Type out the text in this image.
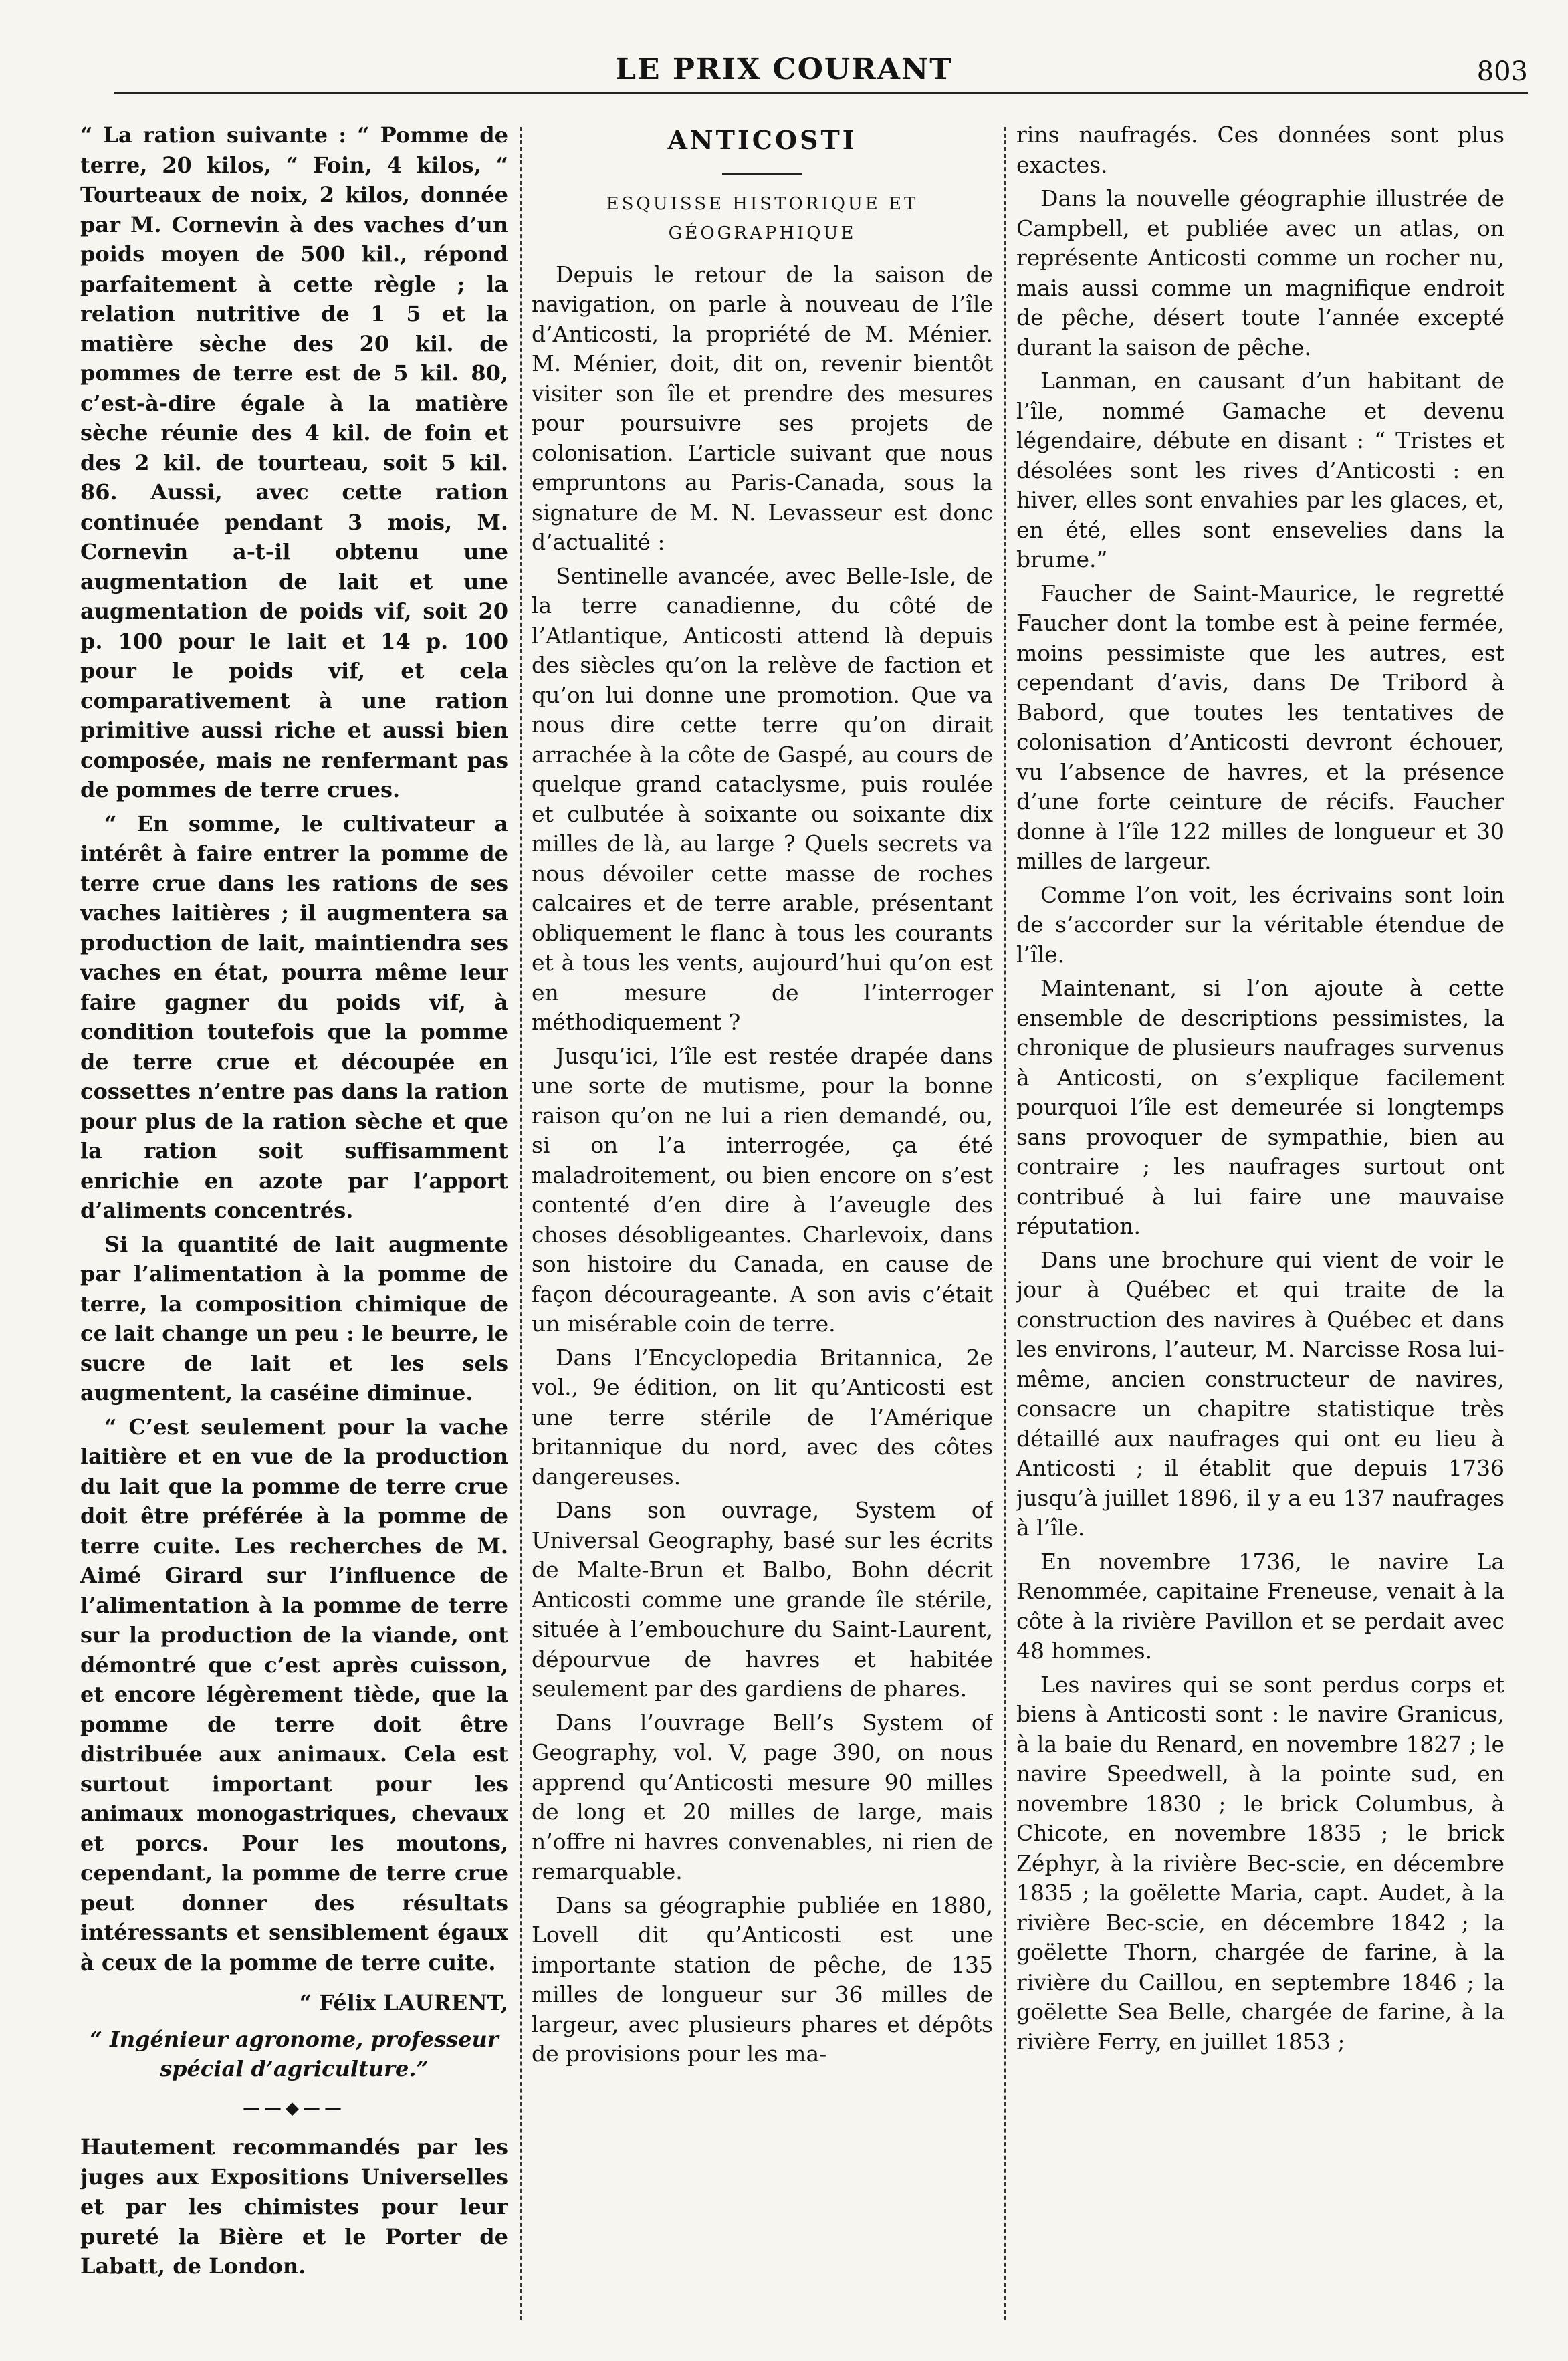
LE PRIX COURANT	803

“ La ration suivante : “ Pomme de terre, 20 kilos, “ Foin, 4 kilos, “ Tourteaux de noix, 2 kilos, donnée par M. Cornevin à des vaches d’un poids moyen de 500 kil., répond parfaitement à cette règle ; la relation nutritive de 1 5 et la matière sèche des 20 kil. de pommes de terre est de 5 kil. 80, c’est-à-dire égale à la matière sèche réunie des 4 kil. de foin et des 2 kil. de tourteau, soit 5 kil. 86. Aussi, avec cette ration continuée pendant 3 mois, M. Cornevin a-t-il obtenu une augmentation de lait et une augmentation de poids vif, soit 20 p. 100 pour le lait et 14 p. 100 pour le poids vif, et cela comparativement à une ration primitive aussi riche et aussi bien composée, mais ne renfermant pas de pommes de terre crues.

“ En somme, le cultivateur a intérêt à faire entrer la pomme de terre crue dans les rations de ses vaches laitières ; il augmentera sa production de lait, maintiendra ses vaches en état, pourra même leur faire gagner du poids vif, à condition toutefois que la pomme de terre crue et découpée en cossettes n’entre pas dans la ration pour plus de la ration sèche et que la ration soit suffisamment enrichie en azote par l’apport d’aliments concentrés.

Si la quantité de lait augmente par l’alimentation à la pomme de terre, la composition chimique de ce lait change un peu : le beurre, le sucre de lait et les sels augmentent, la caséine diminue.

“ C’est seulement pour la vache laitière et en vue de la production du lait que la pomme de terre crue doit être préférée à la pomme de terre cuite. Les recherches de M. Aimé Girard sur l’influence de l’alimentation à la pomme de terre sur la production de la viande, ont démontré que c’est après cuisson, et encore légèrement tiède, que la pomme de terre doit être distribuée aux animaux. Cela est surtout important pour les animaux monogastriques, chevaux et porcs. Pour les moutons, cependant, la pomme de terre crue peut donner des résultats intéressants et sensiblement égaux à ceux de la pomme de terre cuite.

“ Félix LAURENT,
“ Ingénieur agronome, professeur spécial d’agriculture.”
——◆——

Hautement recommandés par les juges aux Expositions Universelles et par les chimistes pour leur pureté la Bière et le Porter de Labatt, de London.

ANTICOSTI
ESQUISSE HISTORIQUE ET GÉOGRAPHIQUE

Depuis le retour de la saison de navigation, on parle à nouveau de l’île d’Anticosti, la propriété de M. Ménier. M. Ménier, doit, dit on, revenir bientôt visiter son île et prendre des mesures pour poursuivre ses projets de colonisation. L’article suivant que nous empruntons au Paris-Canada, sous la signature de M. N. Levasseur est donc d’actualité :

Sentinelle avancée, avec Belle-Isle, de la terre canadienne, du côté de l’Atlantique, Anticosti attend là depuis des siècles qu’on la relève de faction et qu’on lui donne une promotion. Que va nous dire cette terre qu’on dirait arrachée à la côte de Gaspé, au cours de quelque grand cataclysme, puis roulée et culbutée à soixante ou soixante dix milles de là, au large ? Quels secrets va nous dévoiler cette masse de roches calcaires et de terre arable, présentant obliquement le flanc à tous les courants et à tous les vents, aujourd’hui qu’on est en mesure de l’interroger méthodiquement ?

Jusqu’ici, l’île est restée drapée dans une sorte de mutisme, pour la bonne raison qu’on ne lui a rien demandé, ou, si on l’a interrogée, ça été maladroitement, ou bien encore on s’est contenté d’en dire à l’aveugle des choses désobligeantes. Charlevoix, dans son histoire du Canada, en cause de façon décourageante. A son avis c’était un misérable coin de terre.

Dans l’Encyclopedia Britannica, 2e vol., 9e édition, on lit qu’Anticosti est une terre stérile de l’Amérique britannique du nord, avec des côtes dangereuses.

Dans son ouvrage, System of Universal Geography, basé sur les écrits de Malte-Brun et Balbo, Bohn décrit Anticosti comme une grande île stérile, située à l’embouchure du Saint-Laurent, dépourvue de havres et habitée seulement par des gardiens de phares.

Dans l’ouvrage Bell’s System of Geography, vol. V, page 390, on nous apprend qu’Anticosti mesure 90 milles de long et 20 milles de large, mais n’offre ni havres convenables, ni rien de remarquable.

Dans sa géographie publiée en 1880, Lovell dit qu’Anticosti est une importante station de pêche, de 135 milles de longueur sur 36 milles de largeur, avec plusieurs phares et dépôts de provisions pour les ma-

rins naufragés. Ces données sont plus exactes.

Dans la nouvelle géographie illustrée de Campbell, et publiée avec un atlas, on représente Anticosti comme un rocher nu, mais aussi comme un magnifique endroit de pêche, désert toute l’année excepté durant la saison de pêche.

Lanman, en causant d’un habitant de l’île, nommé Gamache et devenu légendaire, débute en disant : “ Tristes et désolées sont les rives d’Anticosti : en hiver, elles sont envahies par les glaces, et, en été, elles sont ensevelies dans la brume.”

Faucher de Saint-Maurice, le regretté Faucher dont la tombe est à peine fermée, moins pessimiste que les autres, est cependant d’avis, dans De Tribord à Babord, que toutes les tentatives de colonisation d’Anticosti devront échouer, vu l’absence de havres, et la présence d’une forte ceinture de récifs. Faucher donne à l’île 122 milles de longueur et 30 milles de largeur.

Comme l’on voit, les écrivains sont loin de s’accorder sur la véritable étendue de l’île.

Maintenant, si l’on ajoute à cette ensemble de descriptions pessimistes, la chronique de plusieurs naufrages survenus à Anticosti, on s’explique facilement pourquoi l’île est demeurée si longtemps sans provoquer de sympathie, bien au contraire ; les naufrages surtout ont contribué à lui faire une mauvaise réputation.

Dans une brochure qui vient de voir le jour à Québec et qui traite de la construction des navires à Québec et dans les environs, l’auteur, M. Narcisse Rosa lui-même, ancien constructeur de navires, consacre un chapitre statistique très détaillé aux naufrages qui ont eu lieu à Anticosti ; il établit que depuis 1736 jusqu’à juillet 1896, il y a eu 137 naufrages à l’île.

En novembre 1736, le navire La Renommée, capitaine Freneuse, venait à la côte à la rivière Pavillon et se perdait avec 48 hommes.

Les navires qui se sont perdus corps et biens à Anticosti sont : le navire Granicus, à la baie du Renard, en novembre 1827 ; le navire Speedwell, à la pointe sud, en novembre 1830 ; le brick Columbus, à Chicote, en novembre 1835 ; le brick Zéphyr, à la rivière Bec-scie, en décembre 1835 ; la goëlette Maria, capt. Audet, à la rivière Bec-scie, en décembre 1842 ; la goëlette Thorn, chargée de farine, à la rivière du Caillou, en septembre 1846 ; la goëlette Sea Belle, chargée de farine, à la rivière Ferry, en juillet 1853 ;
